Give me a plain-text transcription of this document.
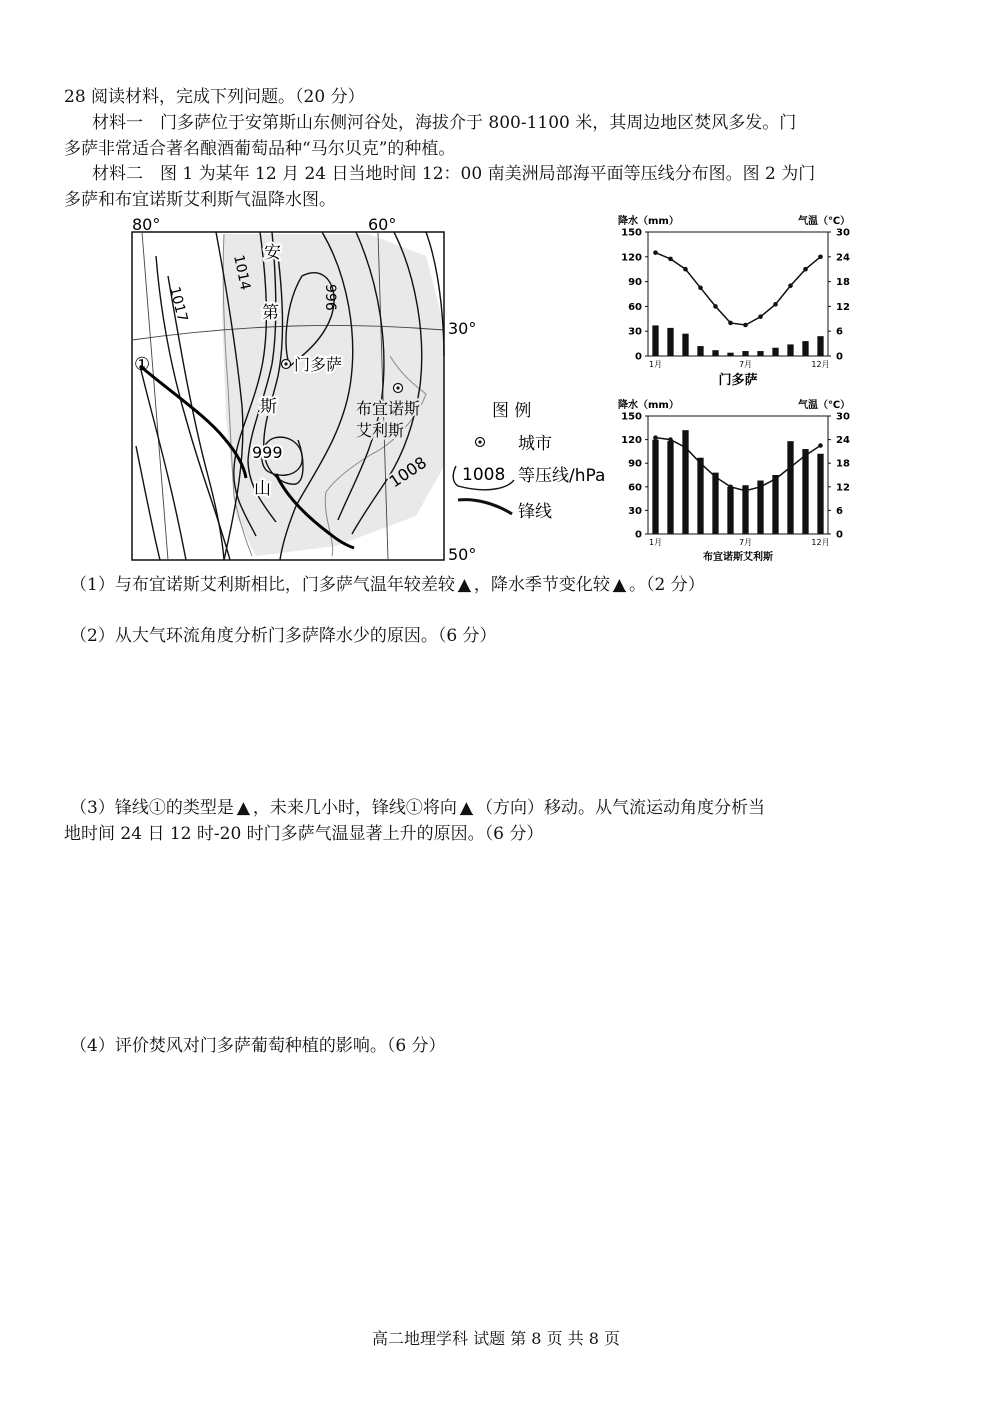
28 阅读材料，完成下列问题。（20 分）
材料一　门多萨位于安第斯山东侧河谷处，海拔介于 800-1100 米，其周边地区焚风多发。门
多萨非常适合著名酿酒葡萄品种“马尔贝克”的种植。
材料二　图 1 为某年 12 月 24 日当地时间 12：00 南美洲局部海平面等压线分布图。图 2 为门
多萨和布宜诺斯艾利斯气温降水图。
（1）与布宜诺斯艾利斯相比，门多萨气温年较差较 ▲ ，降水季节变化较 ▲ 。（2 分）
（2）从大气环流角度分析门多萨降水少的原因。（6 分）
（3）锋线①的类型是 ▲ ，未来几小时，锋线①将向 ▲ （方向）移动。从气流运动角度分析当
地时间 24 日 12 时-20 时门多萨气温显著上升的原因。（6 分）
（4）评价焚风对门多萨葡萄种植的影响。（6 分）
高二地理学科 试题 第 8 页 共 8 页
1014
1017	996
999
1008
80°	60°
30°
50°
①
安
第
斯
山
门多萨
布宜诺斯
艾利斯
图 例
城市
1008 等压线/hPa
锋线
降水（mm）	气温（℃）
0
30
60
90
120
150
0
6
12
18
24
30
1月	7月	12月
门多萨
降水（mm）	气温（℃）
0
30
60
90
120
150
0
6
12
18
24
30
1月	7月	12月
布宜诺斯艾利斯
